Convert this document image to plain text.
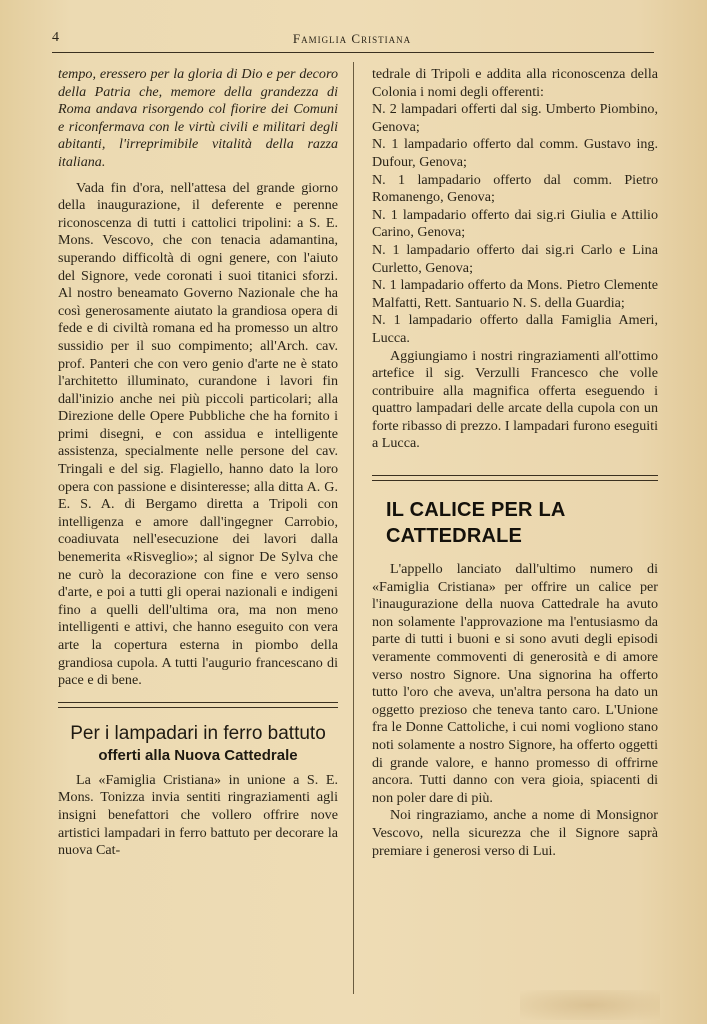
4	Famiglia Cristiana

tempo, eressero per la gloria di Dio e per decoro della Patria che, memore della grandezza di Roma andava risorgendo col fiorire dei Comuni e riconfermava con le virtù civili e militari degli abitanti, l'irreprimibile vitalità della razza italiana.

Vada fin d'ora, nell'attesa del grande giorno della inaugurazione, il deferente e perenne riconoscenza di tutti i cattolici tripolini: a S. E. Mons. Vescovo, che con tenacia adamantina, superando difficoltà di ogni genere, con l'aiuto del Signore, vede coronati i suoi titanici sforzi. Al nostro beneamato Governo Nazionale che ha così generosamente aiutato la grandiosa opera di fede e di civiltà romana ed ha promesso un altro sussidio per il suo compimento; all'Arch. cav. prof. Panteri che con vero genio d'arte ne è stato l'architetto illuminato, curandone i lavori fin dall'inizio anche nei più piccoli particolari; alla Direzione delle Opere Pubbliche che ha fornito i primi disegni, e con assidua e intelligente assistenza, specialmente nelle persone del cav. Tringali e del sig. Flagiello, hanno dato la loro opera con passione e disinteresse; alla ditta A. G. E. S. A. di Bergamo diretta a Tripoli con intelligenza e amore dall'ingegner Carrobio, coadiuvata nell'esecuzione dei lavori dalla benemerita «Risveglio»; al signor De Sylva che ne curò la decorazione con fine e vero senso d'arte, e poi a tutti gli operai nazionali e indigeni fino a quelli dell'ultima ora, ma non meno intelligenti e attivi, che hanno eseguito con vera arte la copertura esterna in piombo della grandiosa cupola. A tutti l'augurio francescano di pace e di bene.

Per i lampadari in ferro battuto
offerti alla Nuova Cattedrale

La «Famiglia Cristiana» in unione a S. E. Mons. Tonizza invia sentiti ringraziamenti agli insigni benefattori che vollero offrire nove artistici lampadari in ferro battuto per decorare la nuova Cat-

tedrale di Tripoli e addita alla riconoscenza della Colonia i nomi degli offerenti:

N. 2 lampadari offerti dal sig. Umberto Piombino, Genova;

N. 1 lampadario offerto dal comm. Gustavo ing. Dufour, Genova;

N. 1 lampadario offerto dal comm. Pietro Romanengo, Genova;

N. 1 lampadario offerto dai sig.ri Giulia e Attilio Carino, Genova;

N. 1 lampadario offerto dai sig.ri Carlo e Lina Curletto, Genova;

N. 1 lampadario offerto da Mons. Pietro Clemente Malfatti, Rett. Santuario N. S. della Guardia;

N. 1 lampadario offerto dalla Famiglia Ameri, Lucca.

Aggiungiamo i nostri ringraziamenti all'ottimo artefice il sig. Verzulli Francesco che volle contribuire alla magnifica offerta eseguendo i quattro lampadari delle arcate della cupola con un forte ribasso di prezzo. I lampadari furono eseguiti a Lucca.

IL CALICE PER LA CATTEDRALE

L'appello lanciato dall'ultimo numero di «Famiglia Cristiana» per offrire un calice per l'inaugurazione della nuova Cattedrale ha avuto non solamente l'approvazione ma l'entusiasmo da parte di tutti i buoni e si sono avuti degli episodi veramente commoventi di generosità e di amore verso nostro Signore. Una signorina ha offerto tutto l'oro che aveva, un'altra persona ha dato un oggetto prezioso che teneva tanto caro. L'Unione fra le Donne Cattoliche, i cui nomi vogliono stano noti solamente a nostro Signore, ha offerto oggetti di grande valore, e hanno promesso di offrirne ancora. Tutti danno con vera gioia, spiacenti di non poler dare di più.

Noi ringraziamo, anche a nome di Monsignor Vescovo, nella sicurezza che il Signore saprà premiare i generosi verso di Lui.
